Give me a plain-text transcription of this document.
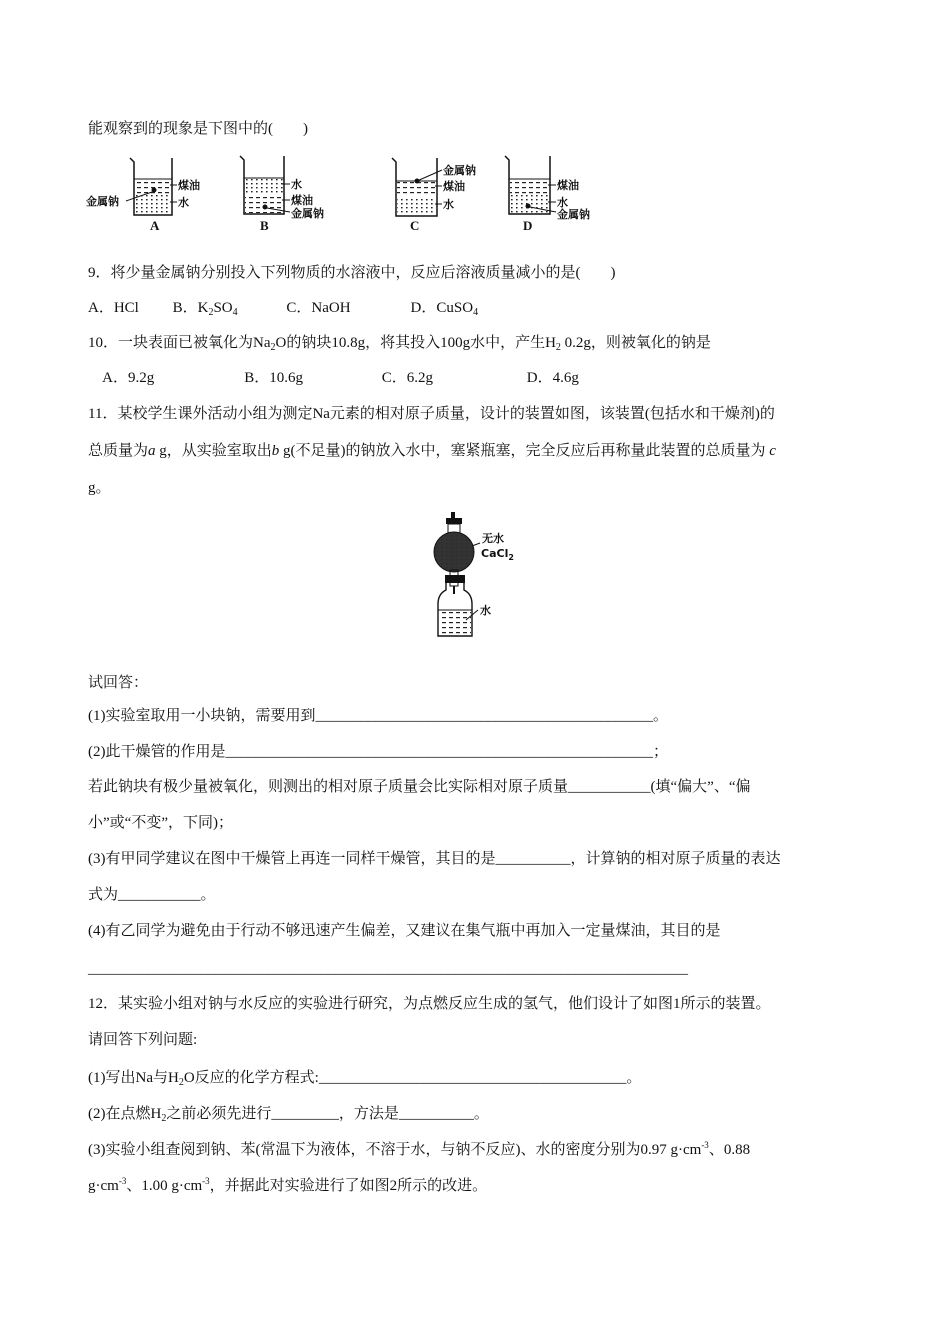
能观察到的现象是下图中的(　　)
9．将少量金属钠分别投入下列物质的水溶液中，反应后溶液质量减小的是(　　)
A．HCl　　 B．$K_2SO_4$　　　 C．NaOH　　　　D．CuSO$_4$
10．一块表面已被氧化为$Na_2O$的钠块10.8g，将其投入100g水中，产生$H_2$ 0.2g，则被氧化的钠是
A．9.2g　　　　　　B．10.6g　　　　　 C．6.2g　　　　　　 D．4.6g
11．某校学生课外活动小组为测定Na元素的相对原子质量，设计的装置如图，该装置(包括水和干燥剂)的
总质量为a g，从实验室取出b g(不足量)的钠放入水中，塞紧瓶塞，完全反应后再称量此装置的总质量为 c
g。
试回答：
(1)实验室取用一小块钠，需要用到_____________________________________________。
(2)此干燥管的作用是_________________________________________________________；
若此钠块有极少量被氧化，则测出的相对原子质量会比实际相对原子质量___________(填“偏大”、“偏
小”或“不变”，下同)；
(3)有甲同学建议在图中干燥管上再连一同样干燥管，其目的是__________，计算钠的相对原子质量的表达
式为___________。
(4)有乙同学为避免由于行动不够迅速产生偏差，又建议在集气瓶中再加入一定量煤油，其目的是
________________________________________________________________________________
12．某实验小组对钠与水反应的实验进行研究，为点燃反应生成的氢气，他们设计了如图1所示的装置。
请回答下列问题:
(1)写出Na与$H_2O$反应的化学方程式:_________________________________________。
(2)在点燃$H_2$之前必须先进行_________，方法是__________。
(3)实验小组查阅到钠、苯(常温下为液体，不溶于水，与钠不反应)、水的密度分别为0.97 $g\cdot cm^{-3}$、0.88
$g\cdot cm^{-3}$、1.00 $g\cdot cm^{-3}$，并据此对实验进行了如图2所示的改进。
煤油
水
金属钠
A
水
煤油
金属钠
B
金属钠
煤油
水
C
煤油
水
金属钠
D
无水
CaCl$_2$
水
